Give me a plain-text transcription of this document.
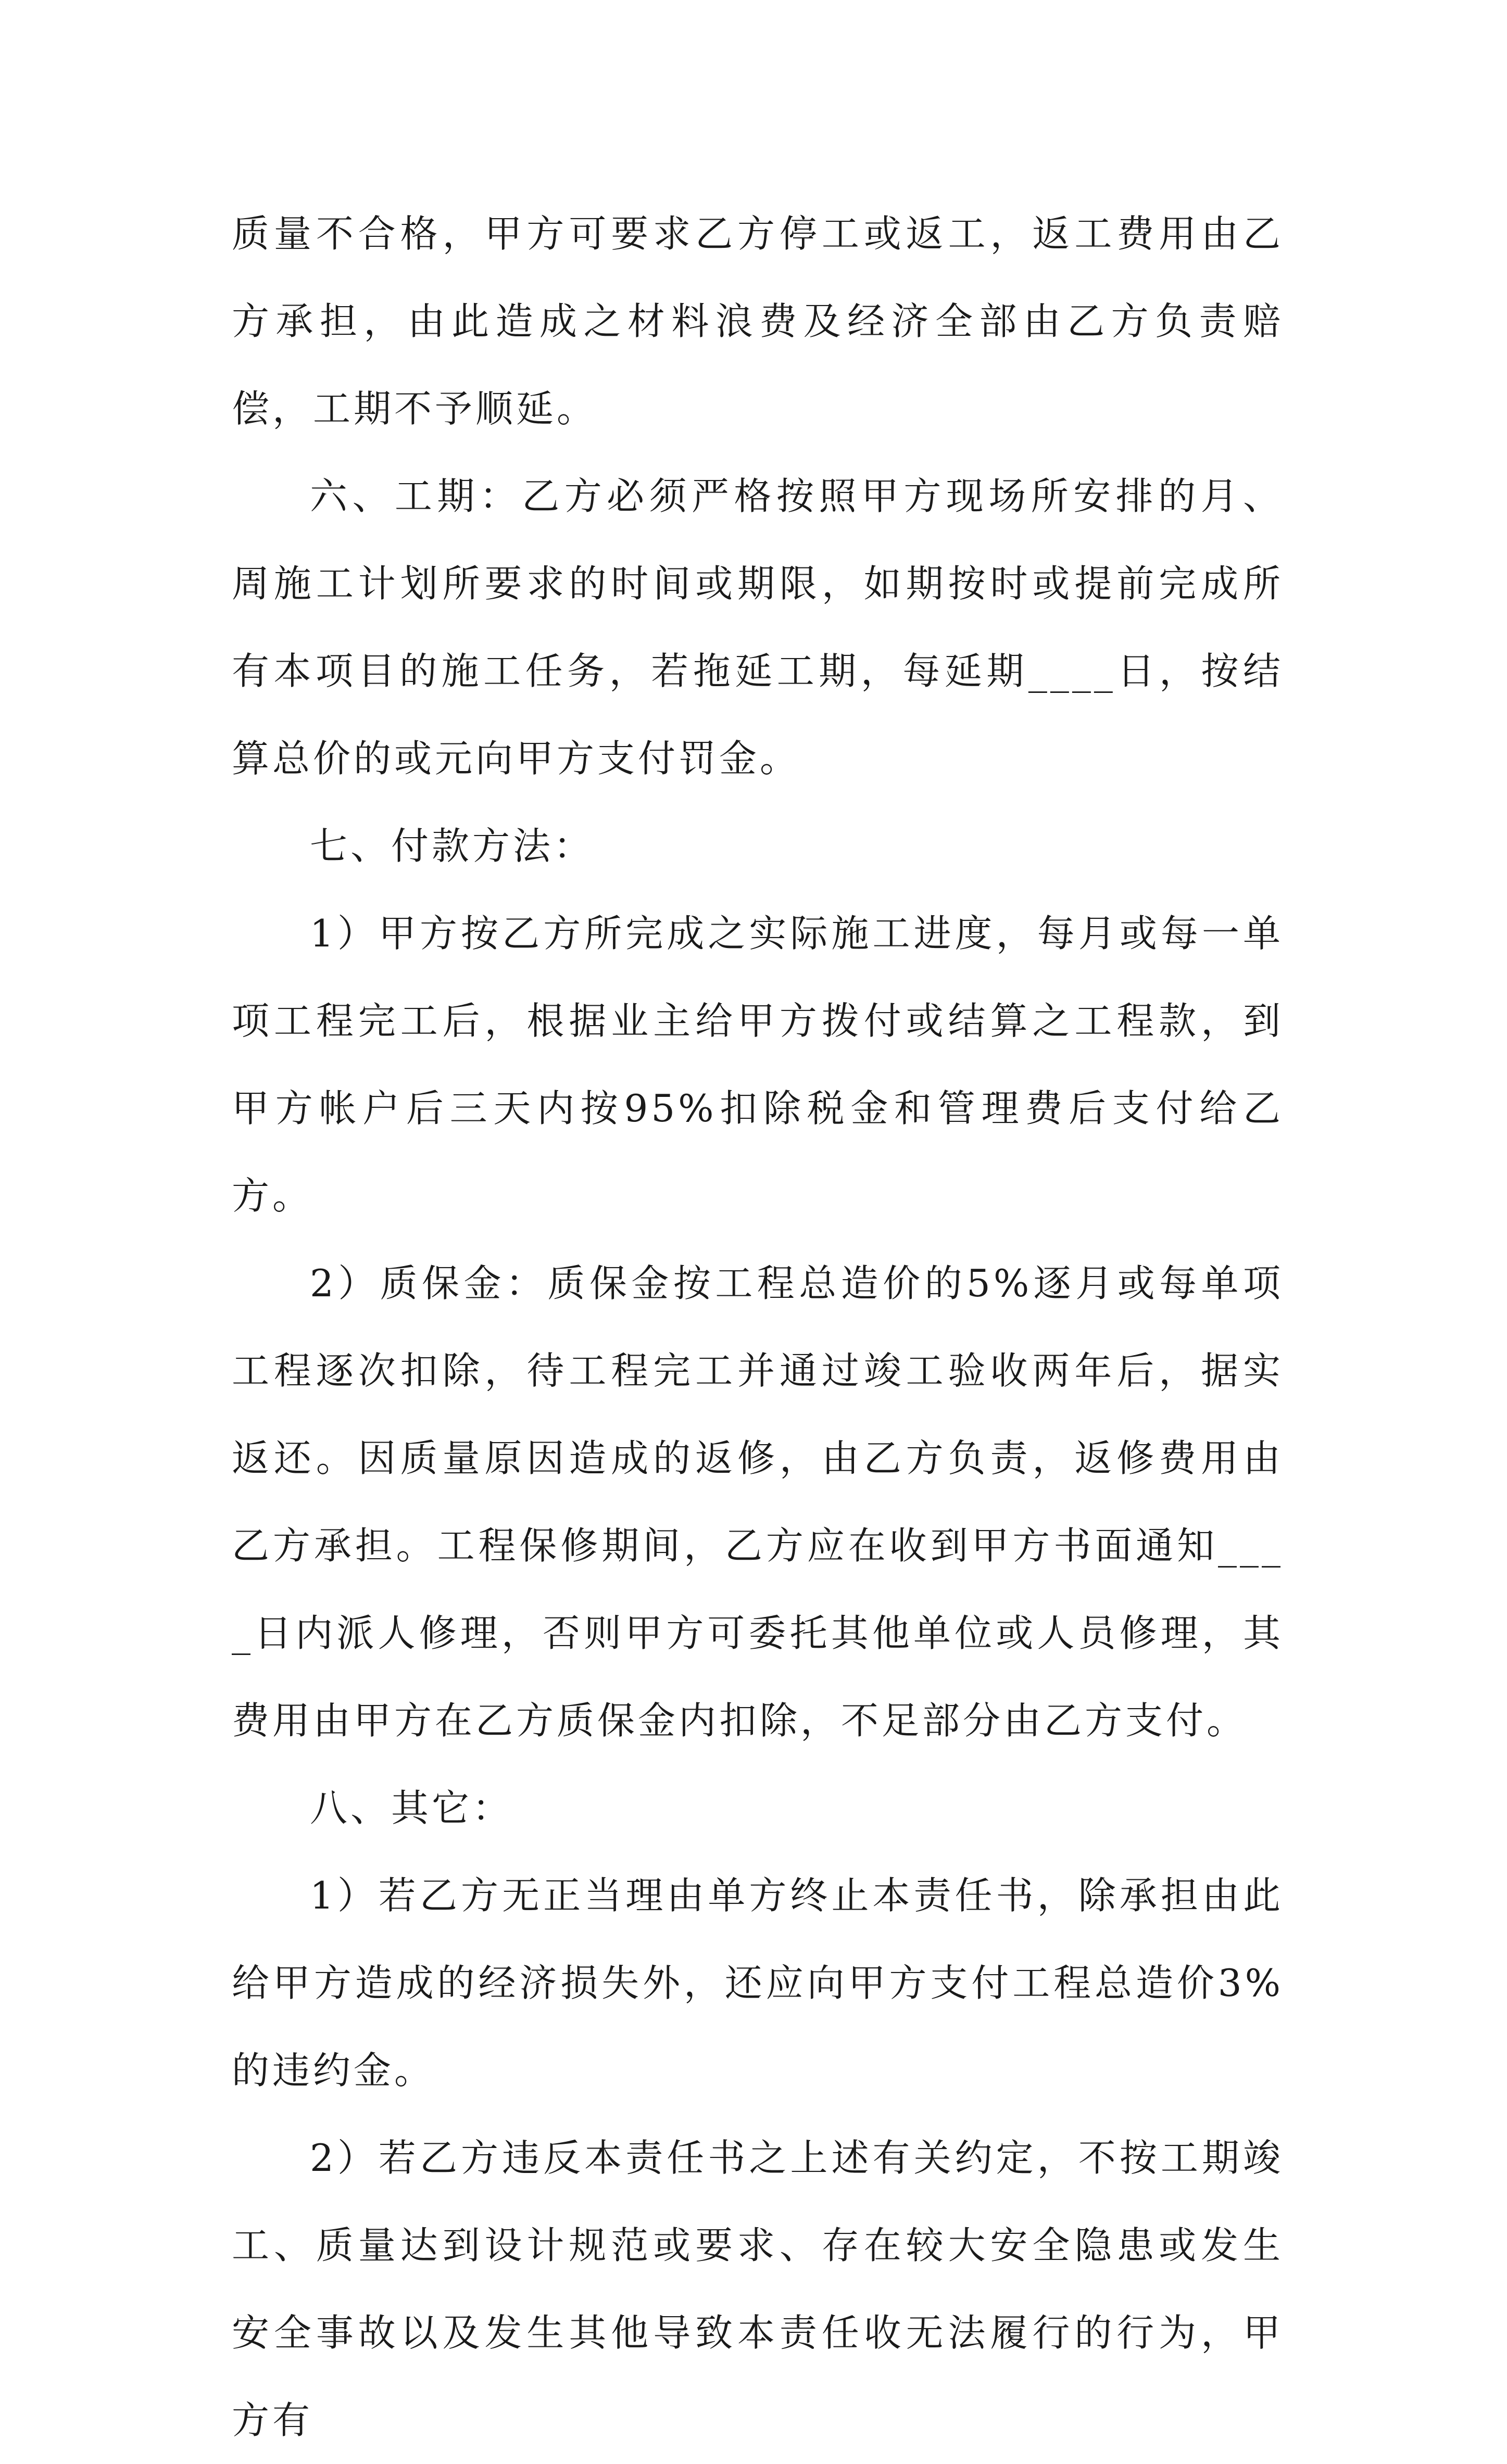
质量不合格，甲方可要求乙方停工或返工，返工费用由乙方承担，由此造成之材料浪费及经济全部由乙方负责赔偿，工期不予顺延。

六、工期：乙方必须严格按照甲方现场所安排的月、周施工计划所要求的时间或期限，如期按时或提前完成所有本项目的施工任务，若拖延工期，每延期____日，按结算总价的或元向甲方支付罚金。

七、付款方法：

1）甲方按乙方所完成之实际施工进度，每月或每一单项工程完工后，根据业主给甲方拨付或结算之工程款，到甲方帐户后三天内按95%扣除税金和管理费后支付给乙方。

2）质保金：质保金按工程总造价的5%逐月或每单项工程逐次扣除，待工程完工并通过竣工验收两年后，据实返还。因质量原因造成的返修，由乙方负责，返修费用由乙方承担。工程保修期间，乙方应在收到甲方书面通知____日内派人修理，否则甲方可委托其他单位或人员修理，其费用由甲方在乙方质保金内扣除，不足部分由乙方支付。

八、其它：

1）若乙方无正当理由单方终止本责任书，除承担由此给甲方造成的经济损失外，还应向甲方支付工程总造价3%的违约金。

2）若乙方违反本责任书之上述有关约定，不按工期竣工、质量达到设计规范或要求、存在较大安全隐患或发生安全事故以及发生其他导致本责任收无法履行的行为，甲方有
